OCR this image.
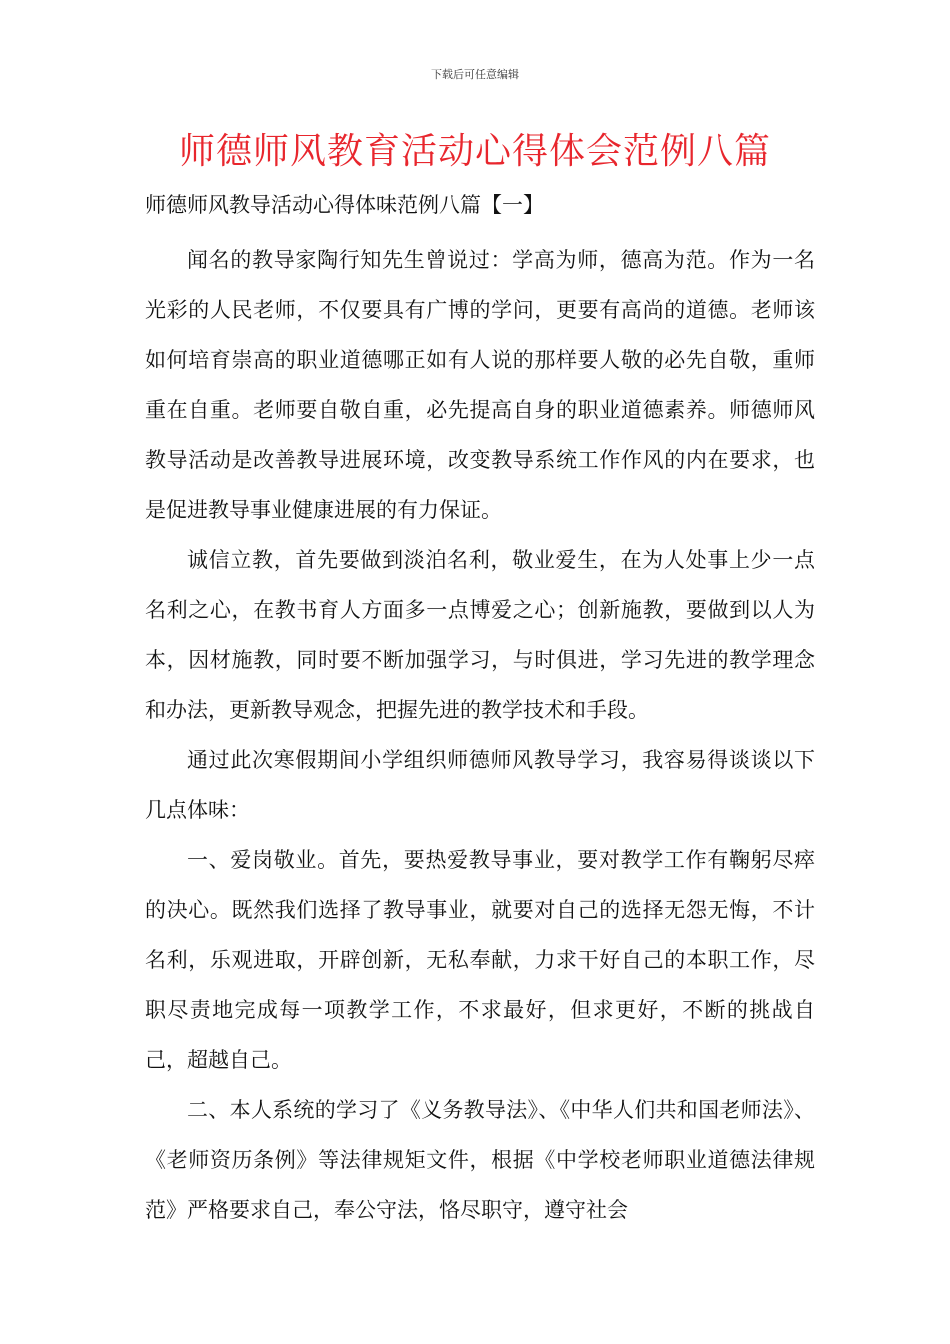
下载后可任意编辑
师德师风教育活动心得体会范例八篇
师德师风教导活动心得体味范例八篇【一】

闻名的教导家陶行知先生曾说过：学高为师，德高为范。作为一名光彩的人民老师，不仅要具有广博的学问，更要有高尚的道德。老师该如何培育崇高的职业道德哪正如有人说的那样要人敬的必先自敬，重师重在自重。老师要自敬自重，必先提高自身的职业道德素养。师德师风教导活动是改善教导进展环境，改变教导系统工作作风的内在要求，也是促进教导事业健康进展的有力保证。

诚信立教，首先要做到淡泊名利，敬业爱生，在为人处事上少一点名利之心，在教书育人方面多一点博爱之心；创新施教，要做到以人为本，因材施教，同时要不断加强学习，与时俱进，学习先进的教学理念和办法，更新教导观念，把握先进的教学技术和手段。

通过此次寒假期间小学组织师德师风教导学习，我容易得谈谈以下几点体味：

一、爱岗敬业。首先，要热爱教导事业，要对教学工作有鞠躬尽瘁的决心。既然我们选择了教导事业，就要对自己的选择无怨无悔，不计名利，乐观进取，开辟创新，无私奉献，力求干好自己的本职工作，尽职尽责地完成每一项教学工作，不求最好，但求更好，不断的挑战自己，超越自己。

二、本人系统的学习了《义务教导法》、《中华人们共和国老师法》、《老师资历条例》等法律规矩文件，根据《中学校老师职业道德法律规范》严格要求自己，奉公守法，恪尽职守，遵守社会
